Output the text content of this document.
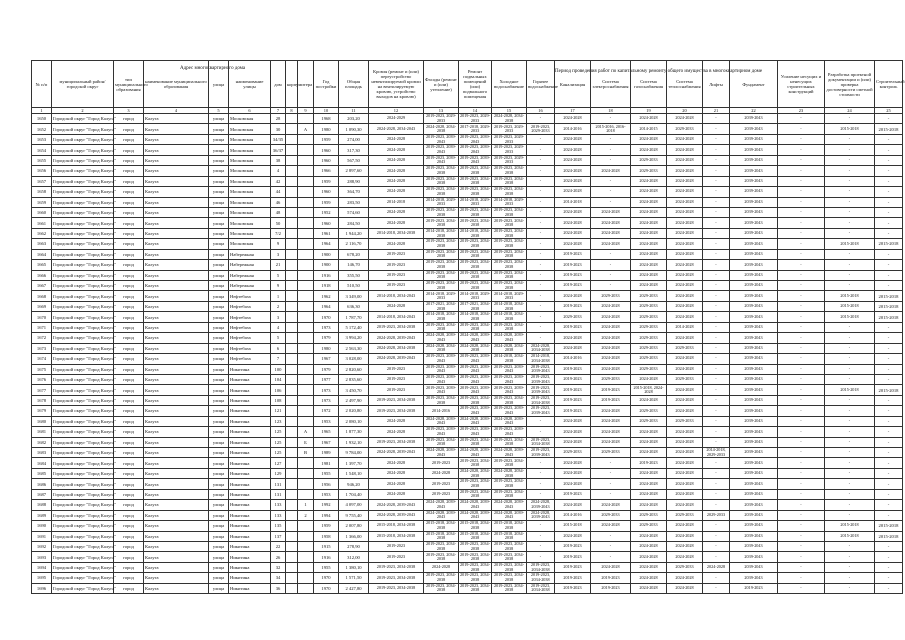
Адрес многоквартирного дома
Период проведения работ по капитальному ремонту общего имущества в многоквартирном доме
№ п/п	муниципальный район/городской округ	тип муниципального образования	наименование муниципального образования	улица	наименование улицы	дом	корпус	литера	Год постройки	Общая площадь	Кровля (ремонт и (или) переустройство невентилируемой кровли на вентилируемую кровлю, устройство выходов на кровлю)	Фасады (ремонт и (или) утепление)	Ремонт подвальных помещений (или) подвального помещения	Холодное водоснабжение	Горячее водоснабжение	Канализация	Система электроснабжения	Система газоснабжения	Система теплоснабжения	Лифты	Фундамент	Усиление несущих и ненесущих строительных конструкций	Разработка проектной документации и (или) проверка достоверности сметной стоимости	Строительный контроль
1	2	3	4	5	6	7	8	9	10	11	12	13	14	15	16	17	18	19	20	21	22	23	24	25
1650	Городской округ "Город Калуга"	город	Калуга	улица	Московская	28			1968	203,20	2024-2029	2019-2023, 2029-2033	2019-2023, 2029-2033	2024-2028, 2034-2038	-	2024-2028	-	2024-2028	2024-2028	-	2039-2043	-	-	-
1652	Городской округ "Город Калуга"	город	Калуга	улица	Московская	30		А	1980	1 090,30	2024-2028, 2034-2043	2024-2028, 2034-2038	2017-2018, 2029-2033	2019-2023, 2029-2033	2019-2023, 2029-2033	2014-2016	2015-2016, 2016-2018	2014-2015	2029-2033	-	2039-2043	-	2015-2018	2015-2018
1653	Городской округ "Город Калуга"	город	Калуга	улица	Московская	34/35			1959	274,00	2024-2028	2019-2023, 2039-2043	2019-2023, 2039-2043	2019-2023, 2029-2033	-	2024-2028	-	2024-2028	2024-2028	-	2039-2043	-	-	-
1654	Городской округ "Город Калуга"	город	Калуга	улица	Московская	36/37			1960	317,30	2024-2028	2019-2023, 2039-2043	2019-2023, 2039-2043	2019-2023, 2029-2033	-	2024-2028	-	2024-2028	2024-2028	-	2039-2043	-	-	-
1655	Городской округ "Город Калуга"	город	Калуга	улица	Московская	38			1960	567,50	2024-2028	2019-2023, 2039-2043	2019-2023, 2039-2043	2019-2023, 2029-2033	-	2024-2028	-	2029-2033	2024-2028	-	2039-2043	-	-	-
1656	Городской округ "Город Калуга"	город	Калуга	улица	Московская	4			1966	2 897,60	2024-2028	2019-2023, 2034-2038	2019-2023, 2034-2038	2019-2023, 2034-2038	-	2024-2028	2024-2028	2029-2033	2024-2028	-	2039-2043	-	-	-
1657	Городской округ "Город Калуга"	город	Калуга	улица	Московская	42			1959	288,90	2024-2028	2019-2023, 2034-2038	2019-2023, 2034-2038	2019-2023, 2034-2038	-	2024-2028	-	2024-2028	2024-2028	-	2039-2043	-	-	-
1658	Городской округ "Город Калуга"	город	Калуга	улица	Московская	44			1960	364,70	2024-2028	2019-2023, 2034-2038	2019-2023, 2034-2038	2019-2023, 2034-2038	-	2024-2028	-	2024-2028	2024-2028	-	2039-2043	-	-	-
1659	Городской округ "Город Калуга"	город	Калуга	улица	Московская	46			1959	283,50	2014-2018	2014-2018, 2029-2033	2014-2018, 2029-2033	2014-2018, 2029-2033	-	2014-2018	-	2024-2028	2024-2028	-	2039-2043	-	-	-
1660	Городской округ "Город Калуга"	город	Калуга	улица	Московская	48			1952	574,60	2024-2028	2019-2023, 2034-2038	2019-2023, 2034-2038	2019-2023, 2034-2038	-	2024-2028	2024-2028	2024-2028	2024-2028	-	2039-2043	-	-	-
1661	Городской округ "Город Калуга"	город	Калуга	улица	Московская	50			1960	284,50	2024-2028	2019-2023, 2034-2038	2019-2023, 2034-2038	2019-2023, 2034-2038	-	2024-2028	2024-2028	2024-2028	2024-2028	-	2039-2043	-	-	-
1662	Городской округ "Город Калуга"	город	Калуга	улица	Московская	7/2			1961	1 944,20	2014-2018, 2034-2038	2014-2018, 2034-2038	2014-2018, 2034-2038	2019-2023, 2034-2038	-	2024-2028	2024-2028	2024-2028	2024-2028	-	2039-2043	-	-	-
1663	Городской округ "Город Калуга"	город	Калуга	улица	Московская	9			1964	2 116,70	2024-2028	2019-2023, 2034-2038	2019-2023, 2034-2038	2019-2023, 2034-2038	-	2024-2028	2024-2028	2024-2028	2024-2028	-	2039-2043	-	2015-2018	2015-2018
1664	Городской округ "Город Калуга"	город	Калуга	улица	Набережная	3			1900	678,20	2019-2023	2019-2023, 2034-2038	2019-2023, 2034-2038	2019-2023, 2034-2038	-	2019-2023	-	2024-2028	2024-2028	-	2039-2043	-	-	-
1665	Городской округ "Город Калуга"	город	Калуга	улица	Набережная	21			1900	146,70	2019-2023	2019-2023, 2034-2038	2019-2023, 2034-2038	2019-2023, 2034-2038	-	2019-2023	-	2024-2028	2024-2028	-	2039-2043	-	-	-
1666	Городской округ "Город Калуга"	город	Калуга	улица	Набережная	5			1916	355,50	2019-2023	2019-2023, 2034-2038	2019-2023, 2034-2038	2019-2023, 2034-2038	-	2019-2023	-	2024-2028	2024-2028	-	2039-2043	-	-	-
1667	Городской округ "Город Калуга"	город	Калуга	улица	Набережная	9			1918	510,50	2019-2023	2019-2023, 2034-2038	2019-2023, 2034-2038	2019-2023, 2034-2038	-	2019-2023	-	2024-2028	2024-2028	-	2039-2043	-	-	-
1668	Городской округ "Город Калуга"	город	Калуга	улица	Нефтебаза	1			1962	3 349,00	2014-2018, 2034-2043	2014-2018, 2029-2033	2014-2018, 2029-2033	2014-2018, 2029-2033	-	2024-2028	2029-2033	2029-2033	2024-2028	-	2039-2043	-	2015-2018	2015-2018
1669	Городской округ "Город Калуга"	город	Калуга	улица	Нефтебаза	2			1964	636,30	2024-2028	2017-2021, 2034-2038	2017-2021, 2034-2038	2014-2018, 2034-2038	-	2019-2023	2024-2028	2029-2033	2024-2028	-	2039-2043	-	2015-2018	2015-2018
1670	Городской округ "Город Калуга"	город	Калуга	улица	Нефтебаза	3			1970	1 787,70	2014-2018, 2034-2043	2014-2018, 2034-2038	2014-2018, 2034-2038	2014-2018, 2034-2038	-	2029-2033	2024-2028	2029-2033	2024-2028	-	2039-2043	-	2015-2018	2015-2018
1671	Городской округ "Город Калуга"	город	Калуга	улица	Нефтебаза	4			1973	5 172,40	2019-2023, 2034-2038	2019-2023, 2034-2038	2019-2023, 2034-2038	2019-2023, 2034-2038	-	2019-2023	2024-2028	2029-2033	2014-2028	-	2039-2043	-	-	-
1672	Городской округ "Город Калуга"	город	Калуга	улица	Нефтебаза	5			1979	3 994,20	2024-2028, 2039-2043	2024-2028, 2039-2043	2024-2028, 2039-2043	2024-2028, 2039-2043	-	2024-2028	2024-2028	2029-2033	2024-2028	-	2039-2043	-	-	-
1673	Городской округ "Город Калуга"	город	Калуга	улица	Нефтебаза	6			1980	2 563,30	2024-2028, 2034-2038	2024-2028, 2034-2038	2024-2028, 2034-2038	2024-2028, 2034-2038	2024-2028, 2034-2038	2024-2028	2024-2028	2029-2033	2029-2033	-	2039-2043	-	-	-
1674	Городской округ "Город Калуга"	город	Калуга	улица	Нефтебаза	7			1967	3 028,00	2024-2028, 2039-2043	2019-2023, 2039-2043	2019-2023, 2039-2043	2014-2018, 2034-2038	2014-2018, 2034-2038	2014-2016	2024-2028	2029-2033	2024-2028	-	2039-2043	-	-	-
1675	Городской округ "Город Калуга"	город	Калуга	улица	Никитина	100			1979	2 820,60	2019-2023	2019-2023, 2039-2043	2019-2023, 2039-2043	2019-2023, 2039-2043	2019-2023, 2039-2043	2019-2023	2024-2028	2029-2033	2024-2028	-	2039-2043	-	-	-
1676	Городской округ "Город Калуга"	город	Калуга	улица	Никитина	104			1977	2 835,60	2019-2023	2019-2023, 2039-2043	2019-2023, 2039-2043	2019-2023, 2039-2043	2019-2023, 2039-2043	2019-2023	2029-2033	2024-2028	2029-2033	-	2039-2043	-	-	-
1677	Городской округ "Город Калуга"	город	Калуга	улица	Никитина	106			1973	3 450,70	2019-2023	2019-2023, 2039-2043	2019-2023, 2039-2043	2019-2023, 2039-2043	2019-2023, 2039-2043	2019-2023	2019-2023	2015-2018, 2024-2028	2024-2028	-	2039-2043	-	2015-2018	2015-2018
1678	Городской округ "Город Калуга"	город	Калуга	улица	Никитина	108			1973	2 497,90	2019-2023, 2034-2038	2019-2023, 2034-2038	2019-2023, 2034-2038	2019-2023, 2034-2038	2019-2023, 2034-2038	2019-2023	2019-2023	2024-2028	2024-2028	-	2039-2043	-	-	-
1679	Городской округ "Город Калуга"	город	Калуга	улица	Никитина	121			1972	2 020,80	2019-2023, 2034-2038	2014-2016	2019-2023, 2039-2043	2019-2023, 2039-2043	2019-2023, 2039-2043	2019-2023	2024-2028	2029-2033	2024-2028	-	2039-2043	-	-	-
1680	Городской округ "Город Калуга"	город	Калуга	улица	Никитина	123			1953	2 080,10	2024-2028	2024-2028, 2039-2043	2024-2028, 2039-2043	2024-2028, 2039-2043	-	2024-2028	2024-2028	2029-2033	2029-2033	-	2039-2043	-	-	-
1681	Городской округ "Город Калуга"	город	Калуга	улица	Никитина	125		А	1965	1 877,30	2024-2028	2019-2023, 2039-2043	2019-2023, 2039-2043	2019-2023, 2039-2043	-	2024-2028	2024-2028	2024-2028	2024-2028	-	2039-2043	-	-	-
1682	Городской округ "Город Калуга"	город	Калуга	улица	Никитина	125		Б	1967	1 932,10	2019-2023, 2034-2038	2019-2023, 2034-2038	2019-2023, 2034-2038	2019-2023, 2034-2038	2019-2023, 2034-2038	2024-2028	2024-2028	2024-2028	2024-2028	-	2039-2043	-	-	-
1683	Городской округ "Город Калуга"	город	Калуга	улица	Никитина	125		В	1989	9 784,00	2024-2028, 2039-2043	2024-2028, 2039-2043	2024-2028, 2039-2043	2024-2028, 2039-2043	2019-2023, 2039-2043	2029-2033	2029-2033	2024-2028	2024-2028	2014-2018, 2029-2033	2039-2043	-	-	-
1684	Городской округ "Город Калуга"	город	Калуга	улица	Никитина	127			1981	1 397,70	2024-2028	2019-2023	2019-2023, 2034-2038	2019-2023, 2034-2038	-	2024-2028	-	2019-2023	2024-2028	-	2039-2043	-	-	-
1685	Городской округ "Город Калуга"	город	Калуга	улица	Никитина	129			1955	1 548,10	2024-2028	2024-2028	2024-2028, 2034-2038	2024-2028, 2034-2038	-	2024-2028	-	2024-2028	2024-2028	-	2039-2043	-	-	-
1686	Городской округ "Город Калуга"	город	Калуга	улица	Никитина	131			1956	946,20	2024-2028	2019-2023	2019-2023, 2034-2038	2019-2023, 2034-2038	-	2024-2028	-	2024-2028	2024-2028	-	2039-2043	-	-	-
1687	Городской округ "Город Калуга"	город	Калуга	улица	Никитина	131			1953	1 704,40	2024-2028	2019-2023	2019-2023, 2034-2038	2019-2023, 2034-2038	-	2019-2023	-	2024-2028	2024-2028	-	2039-2043	-	-	-
1688	Городской округ "Город Калуга"	город	Калуга	улица	Никитина	133		1	1992	4 097,00	2024-2028, 2039-2043	2024-2028, 2039-2043	2024-2028, 2039-2043	2024-2028, 2039-2043	2024-2028, 2039-2043	2024-2028	2024-2028	2024-2028	2024-2028	-	2039-2043	-	-	-
1689	Городской округ "Город Калуга"	город	Калуга	улица	Никитина	133		2	1994	9 755,40	2024-2028, 2039-2043	2024-2028, 2039-2043	2024-2028, 2039-2043	2024-2028, 2039-2043	2024-2028, 2039-2043	2014-2016	2029-2033	2029-2033	2029-2033	2029-2033	2039-2043	-	-	-
1690	Городской округ "Город Калуга"	город	Калуга	улица	Никитина	135			1959	2 007,80	2015-2018, 2034-2038	2015-2018, 2034-2038	2015-2018, 2034-2038	2015-2018, 2034-2038	-	2015-2018	2024-2028	2029-2033	2024-2028	-	2039-2043	-	2015-2018	2015-2018
1691	Городской округ "Город Калуга"	город	Калуга	улица	Никитина	137			1958	1 366,00	2015-2018, 2034-2038	2015-2018, 2034-2038	2015-2018, 2034-2038	2015-2018, 2034-2038	-	2024-2028	-	2024-2028	2024-2028	-	2039-2043	-	2015-2018	2015-2018
1692	Городской округ "Город Калуга"	город	Калуга	улица	Никитина	22			1915	278,90	2019-2023	2019-2023, 2034-2038	2019-2023, 2034-2038	2019-2023, 2034-2038	-	2019-2023	-	2024-2028	2024-2028	-	2039-2043	-	-	-
1693	Городской округ "Город Калуга"	город	Калуга	улица	Никитина	26			1916	312,00	2019-2023	2019-2023, 2034-2038	2019-2023, 2034-2038	2019-2023, 2034-2038	-	2019-2023	-	2024-2028	2024-2028	-	2039-2043	-	-	-
1694	Городской округ "Город Калуга"	город	Калуга	улица	Никитина	32			1955	1 380,10	2019-2023, 2034-2038	2024-2028	2019-2023, 2034-2038	2019-2023, 2034-2038	2019-2023, 2034-2038	2019-2023	2024-2028	2024-2028	2029-2033	2024-2028	2039-2043	-	-	-
1695	Городской округ "Город Калуга"	город	Калуга	улица	Никитина	34			1970	1 571,50	2019-2023, 2034-2038	2019-2023, 2034-2038	2019-2023, 2034-2038	2019-2023, 2034-2038	2019-2023, 2034-2038	2019-2023	2019-2023	2024-2028	2024-2028	-	2039-2043	-	-	-
1696	Городской округ "Город Калуга"	город	Калуга	улица	Никитина	36			1970	2 427,80	2019-2023, 2034-2038	2019-2023, 2034-2038	2019-2023, 2034-2038	2019-2023, 2034-2038	2019-2023, 2034-2038	2019-2023	2019-2023	2024-2028	2024-2028	-	2019-2023	-	-	-
